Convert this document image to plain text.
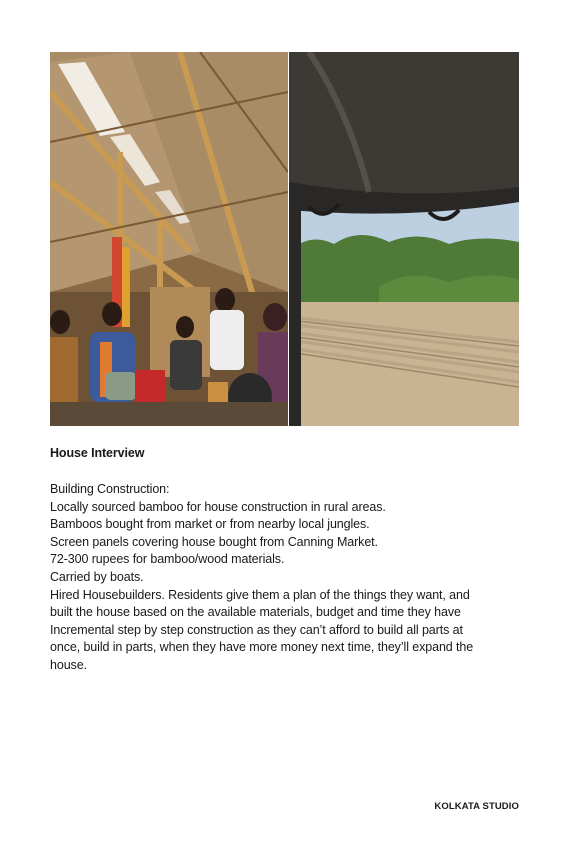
House Interview

Building Construction:

Locally sourced bamboo for house construction in rural areas.

Bamboos bought from market or from nearby local jungles.

Screen panels covering house bought from Canning Market.

72-300 rupees for bamboo/wood materials.

Carried by boats.

Hired Housebuilders. Residents give them a plan of the things they want, and

built the house based on the available materials, budget and time they have

Incremental step by step construction as they can’t afford to build all parts at

once, build in parts, when they have more money next time, they’ll expand the

house.

KOLKATA STUDIO
